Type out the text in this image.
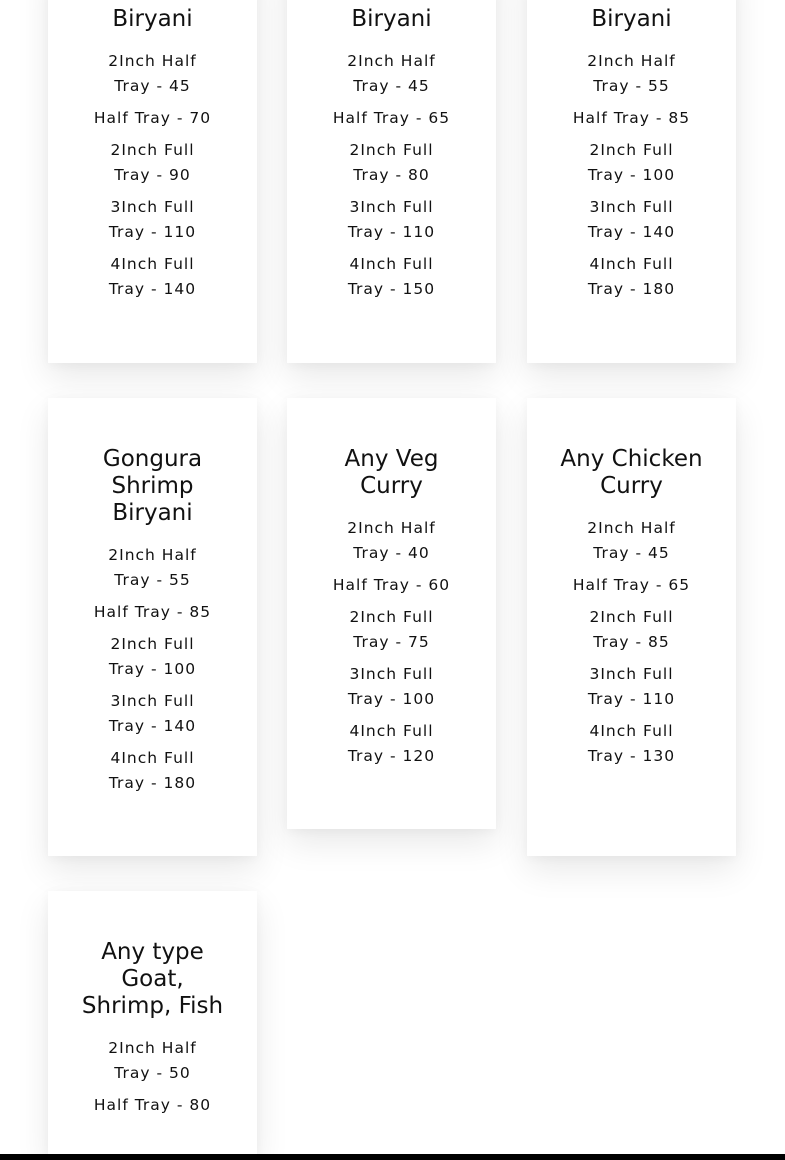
Biryani
2Inch Half Tray - 45
Half Tray - 70
2Inch Full Tray - 90
3Inch Full Tray - 110
4Inch Full Tray - 140
Biryani
2Inch Half Tray - 45
Half Tray - 65
2Inch Full Tray - 80
3Inch Full Tray - 110
4Inch Full Tray - 150
Biryani
2Inch Half Tray - 55
Half Tray - 85
2Inch Full Tray - 100
3Inch Full Tray - 140
4Inch Full Tray - 180
Gongura Shrimp Biryani
2Inch Half Tray - 55
Half Tray - 85
2Inch Full Tray - 100
3Inch Full Tray - 140
4Inch Full Tray - 180
Any Veg Curry
2Inch Half Tray - 40
Half Tray - 60
2Inch Full Tray - 75
3Inch Full Tray - 100
4Inch Full Tray - 120
Any Chicken Curry
2Inch Half Tray - 45
Half Tray - 65
2Inch Full Tray - 85
3Inch Full Tray - 110
4Inch Full Tray - 130
Any type Goat, Shrimp, Fish
2Inch Half Tray - 50
Half Tray - 80
